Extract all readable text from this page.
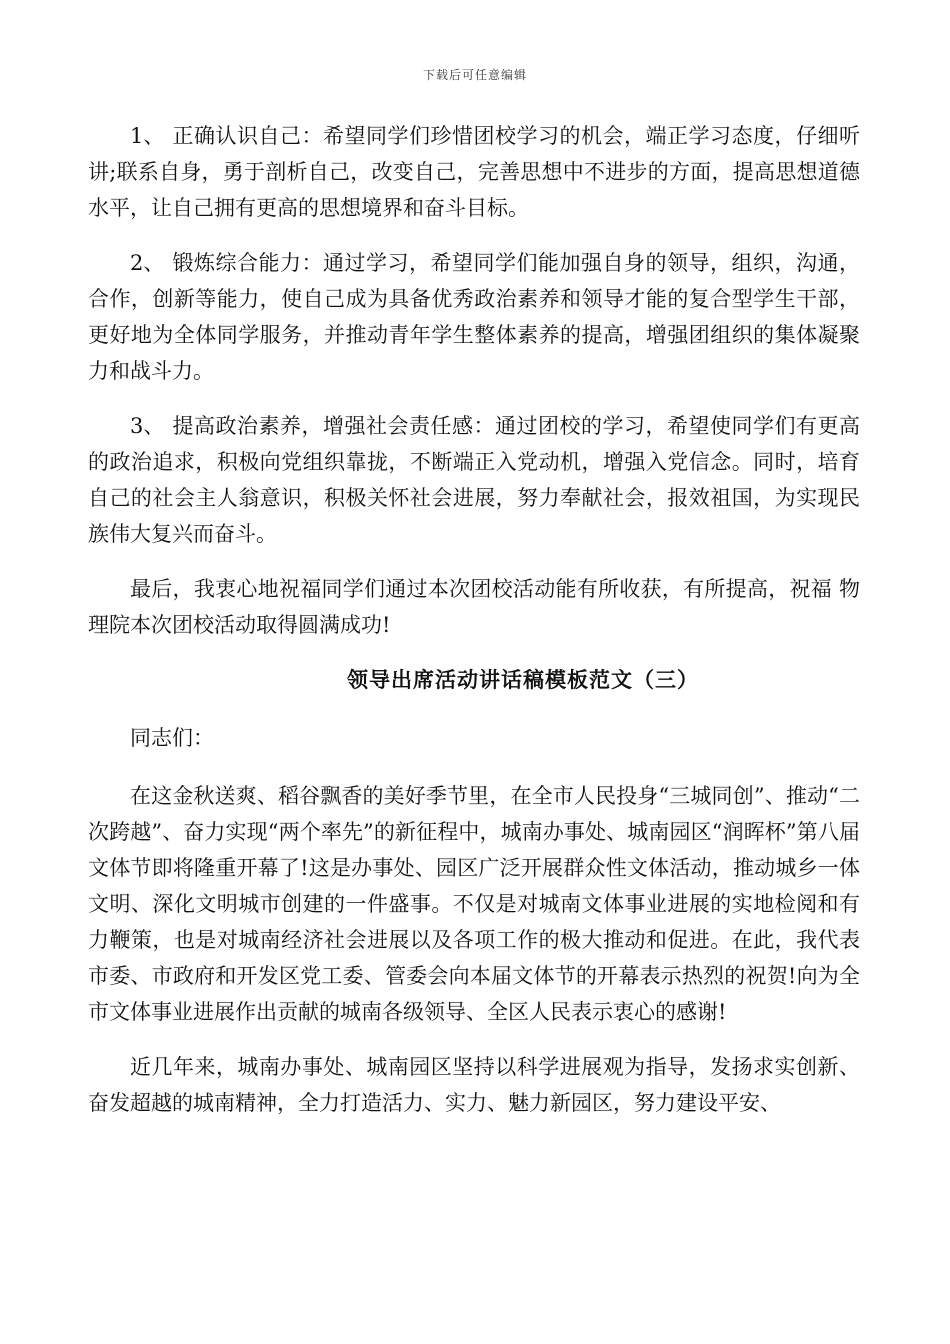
下载后可任意编辑

1、 正确认识自己：希望同学们珍惜团校学习的机会，端正学习态度，仔细听讲;联系自身，勇于剖析自己，改变自己，完善思想中不进步的方面，提高思想道德水平，让自己拥有更高的思想境界和奋斗目标。

2、 锻炼综合能力：通过学习，希望同学们能加强自身的领导，组织，沟通，合作，创新等能力，使自己成为具备优秀政治素养和领导才能的复合型学生干部，更好地为全体同学服务，并推动青年学生整体素养的提高，增强团组织的集体凝聚力和战斗力。

3、 提高政治素养，增强社会责任感：通过团校的学习，希望使同学们有更高的政治追求，积极向党组织靠拢，不断端正入党动机，增强入党信念。同时，培育自己的社会主人翁意识，积极关怀社会进展，努力奉献社会，报效祖国，为实现民族伟大复兴而奋斗。

最后，我衷心地祝福同学们通过本次团校活动能有所收获，有所提高，祝福 物理院本次团校活动取得圆满成功!

领导出席活动讲话稿模板范文（三）

同志们：

在这金秋送爽、稻谷飘香的美好季节里，在全市人民投身“三城同创”、推动“二次跨越”、奋力实现“两个率先”的新征程中，城南办事处、城南园区“润晖杯”第八届文体节即将隆重开幕了!这是办事处、园区广泛开展群众性文体活动，推动城乡一体文明、深化文明城市创建的一件盛事。不仅是对城南文体事业进展的实地检阅和有力鞭策，也是对城南经济社会进展以及各项工作的极大推动和促进。在此，我代表市委、市政府和开发区党工委、管委会向本届文体节的开幕表示热烈的祝贺!向为全市文体事业进展作出贡献的城南各级领导、全区人民表示衷心的感谢!

近几年来，城南办事处、城南园区坚持以科学进展观为指导，发扬求实创新、奋发超越的城南精神，全力打造活力、实力、魅力新园区，努力建设平安、
